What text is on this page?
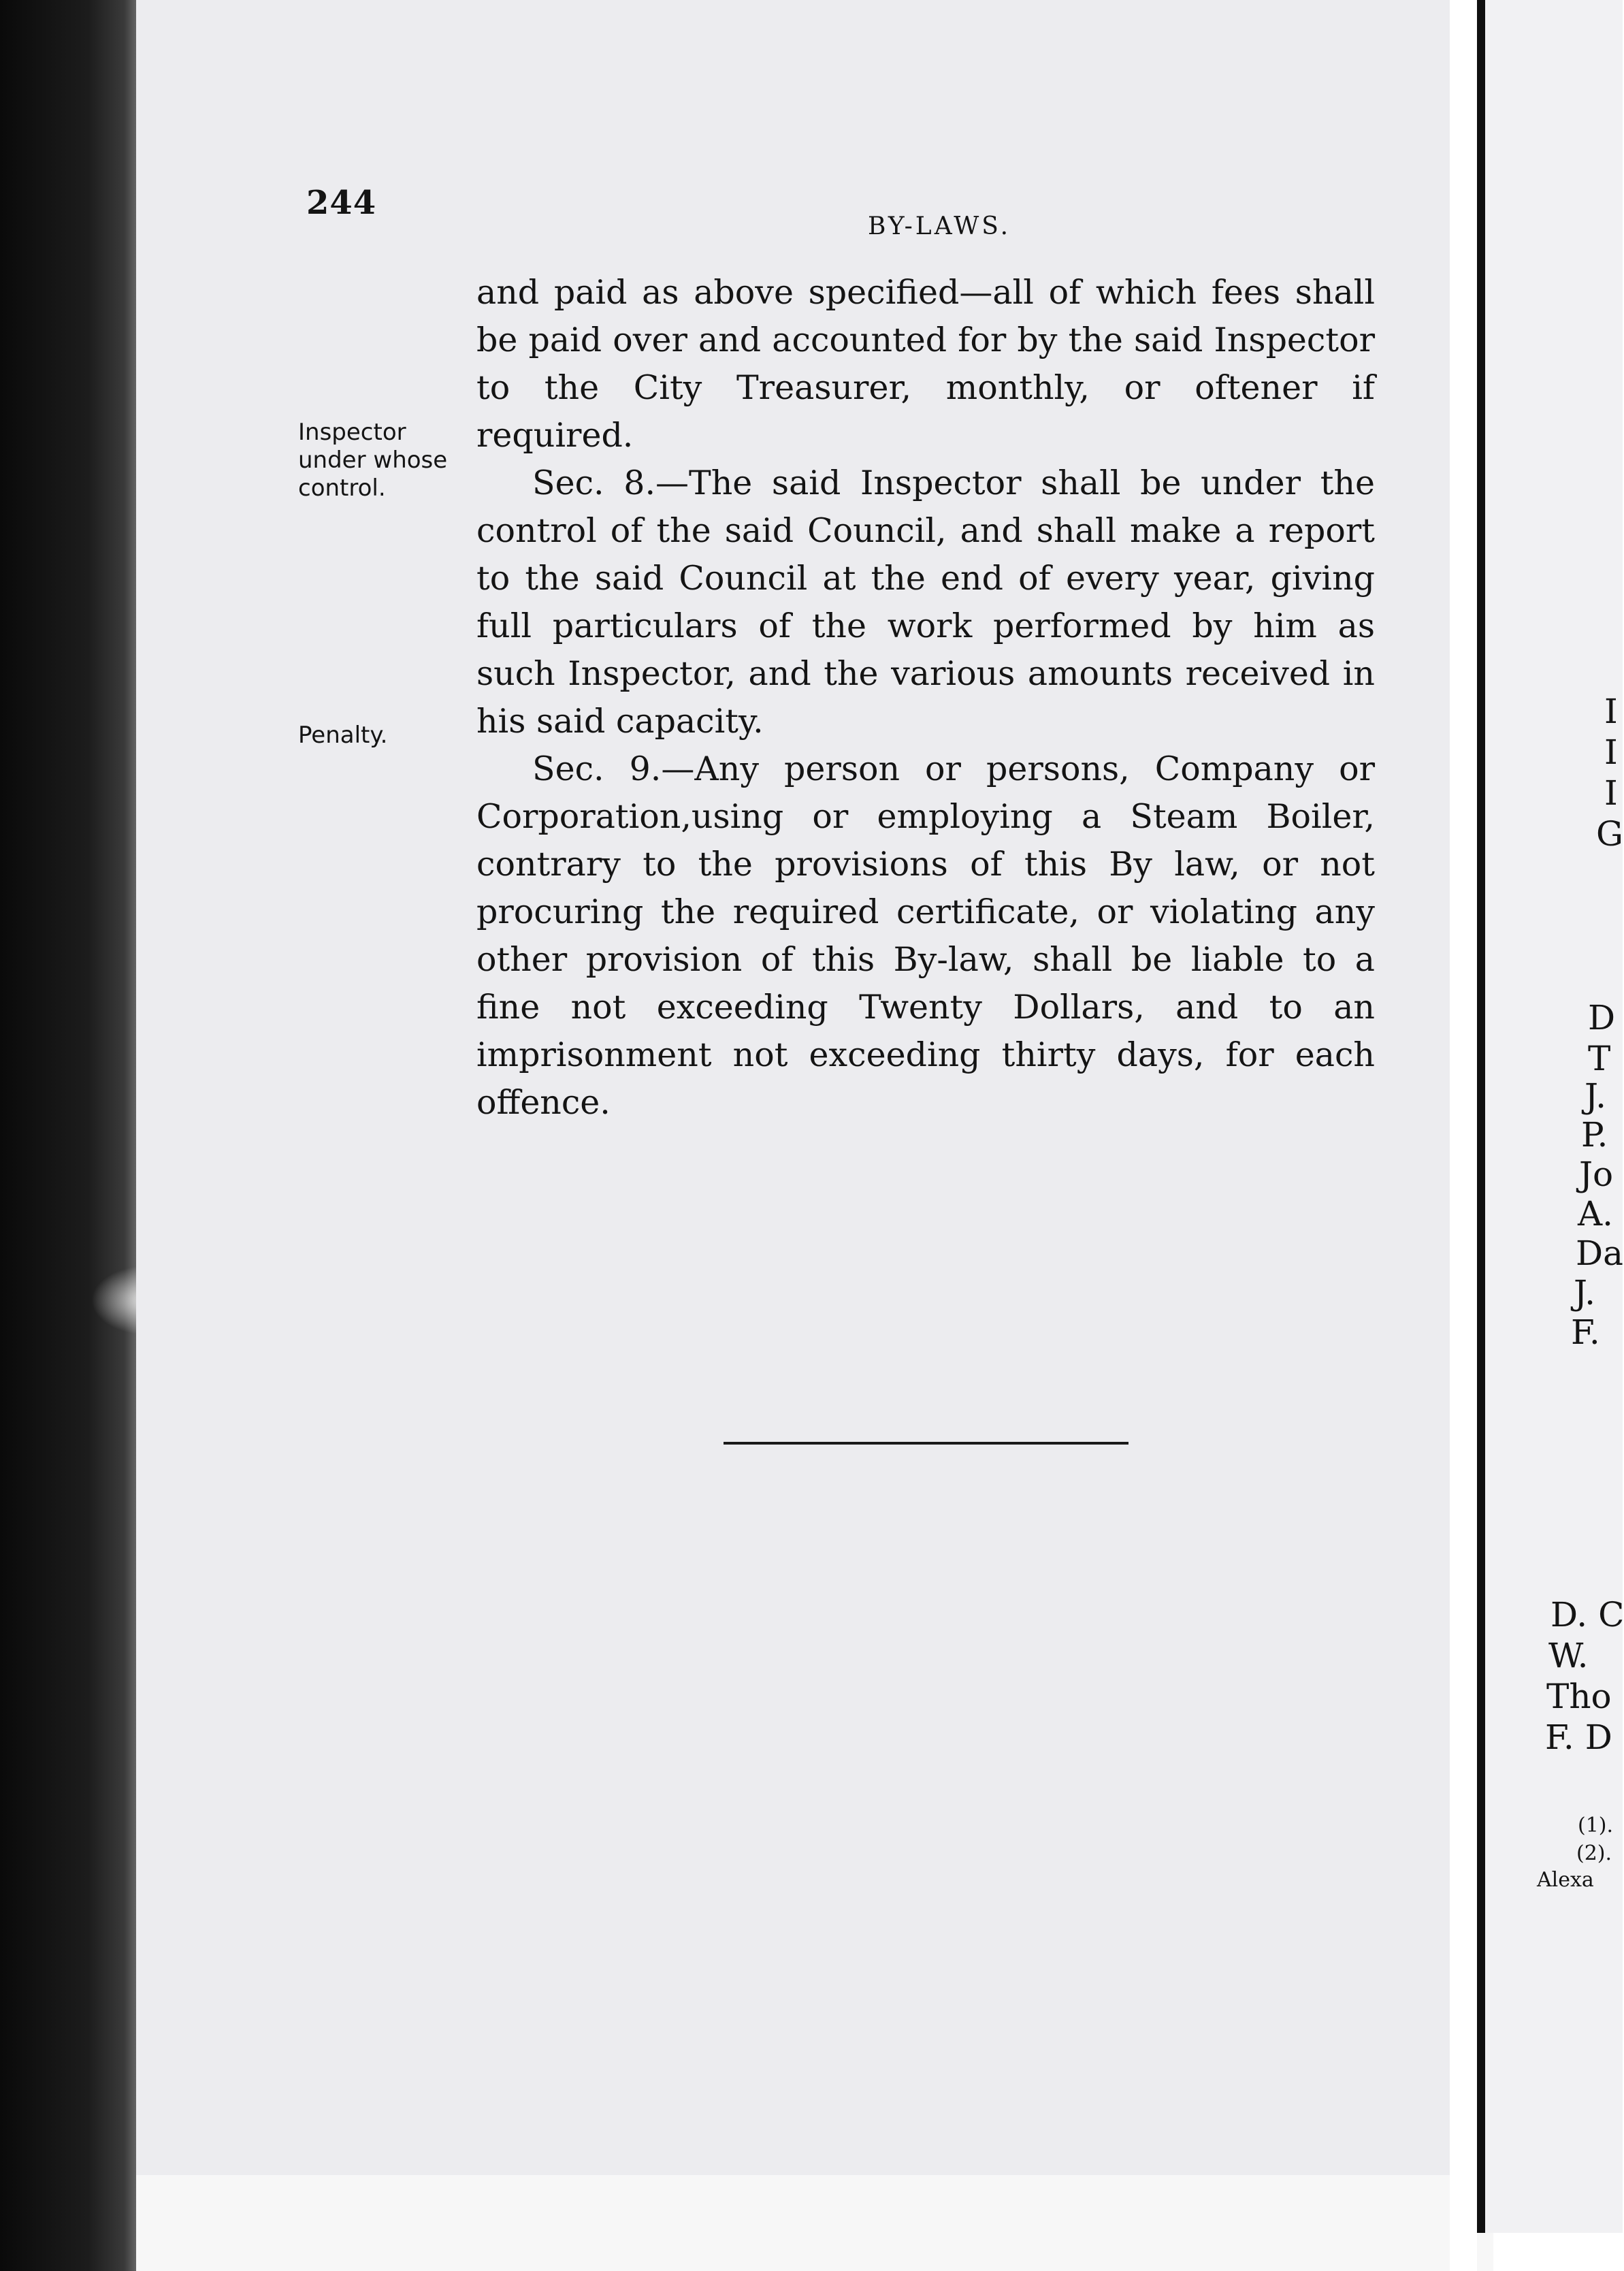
244
BY-LAWS.
Inspector under whose control.
Penalty.

and paid as above specified—all of which fees shall be paid over and accounted for by the said Inspector to the City Treasurer, monthly, or oftener if required.

Sec. 8.—The said Inspector shall be under the control of the said Council, and shall make a report to the said Council at the end of every year, giving full particulars of the work performed by him as such Inspector, and the various amounts received in his said capacity.

Sec. 9.—Any person or persons, Company or Corporation,using or employing a Steam Boiler, contrary to the provisions of this By law, or not procuring the required certificate, or violating any other provision of this By-law, shall be liable to a fine not exceeding Twenty Dollars, and to an imprisonment not exceeding thirty days, for each offence.

I
I
I
G
D
T
J.
P.
Jo
A.
Da
J.
F.
D. C
W.
Tho
F. D
(1).
(2).
Alexa
